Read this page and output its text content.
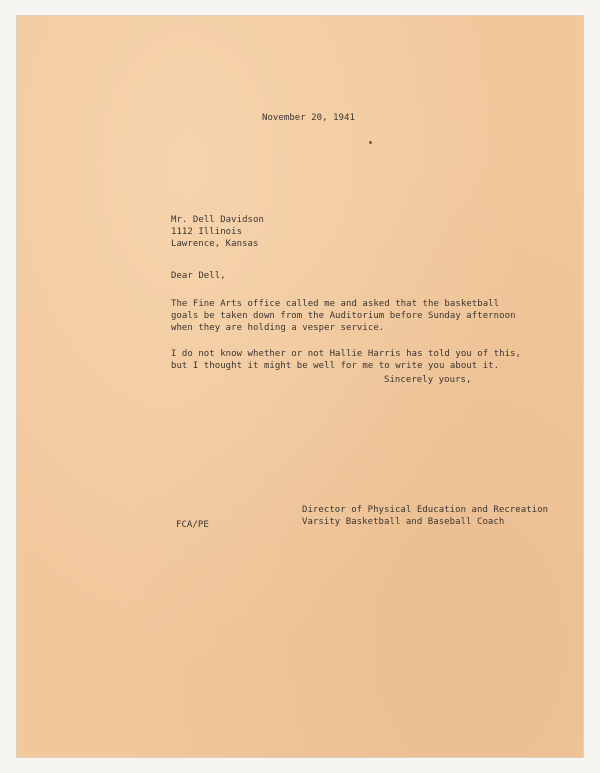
November 20, 1941
Mr. Dell Davidson
1112 Illinois
Lawrence, Kansas
Dear Dell,
The Fine Arts office called me and asked that the basketball
goals be taken down from the Auditorium before Sunday afternoon
when they are holding a vesper service.
I do not know whether or not Hallie Harris has told you of this,
but I thought it might be well for me to write you about it.
Sincerely yours,
Director of Physical Education and Recreation
Varsity Basketball and Baseball Coach
FCA/PE
